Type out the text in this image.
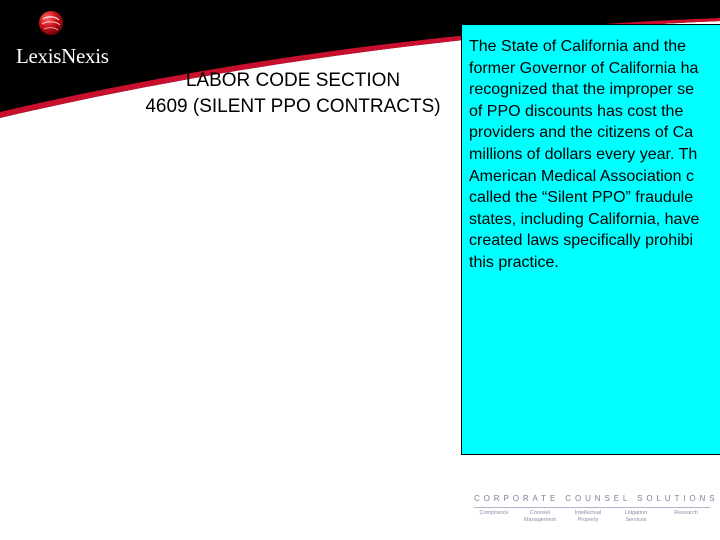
LexisNexis
LABOR CODE SECTION
4609 (SILENT PPO CONTRACTS)
The State of California and the
former Governor of California ha
recognized that the improper se
of PPO discounts has cost the
providers and the citizens of Ca
millions of dollars every year. Th
American Medical Association c
called the “Silent PPO” fraudule
states, including California, have
created laws specifically prohibi
this practice.
CORPORATE COUNSEL SOLUTIONS
Compliance	Counsel
Management
Intellectual
Property
Litigation
Services
Research
